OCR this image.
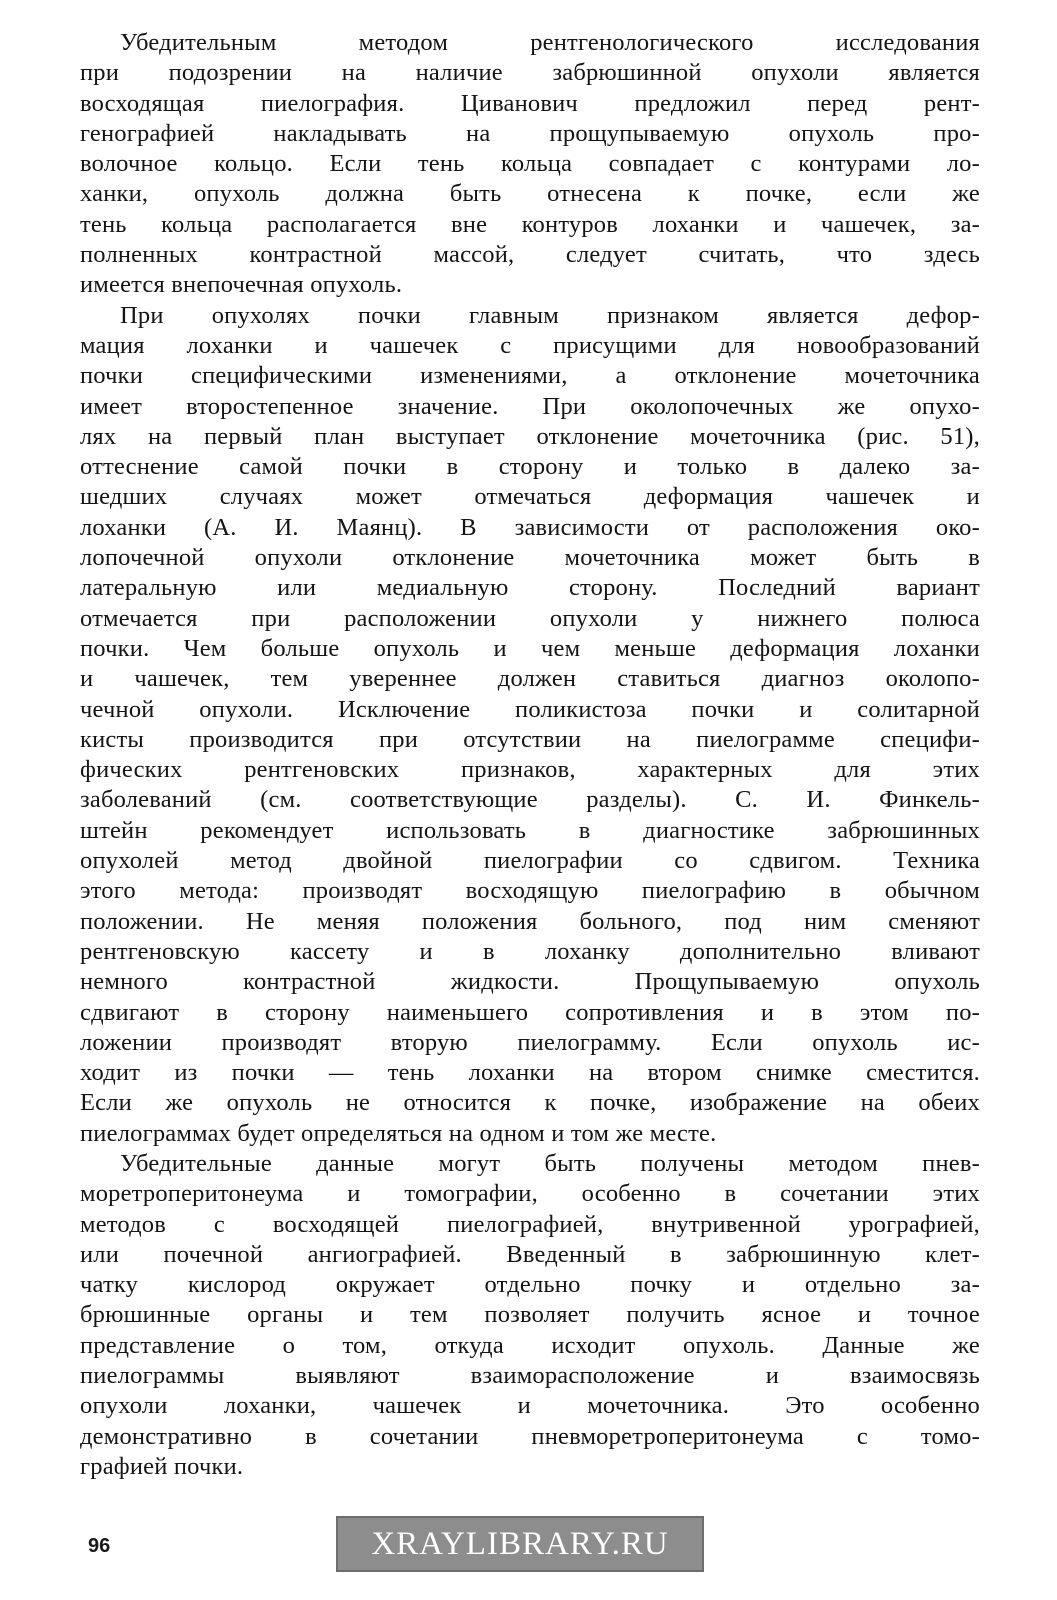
Убедительным методом рентгенологического исследования
при подозрении на наличие забрюшинной опухоли является
восходящая пиелография. Циванович предложил перед рент-
генографией накладывать на прощупываемую опухоль про-
волочное кольцо. Если тень кольца совпадает с контурами ло-
ханки, опухоль должна быть отнесена к почке, если же
тень кольца располагается вне контуров лоханки и чашечек, за-
полненных контрастной массой, следует считать, что здесь
имеется внепочечная опухоль.
При опухолях почки главным признаком является дефор-
мация лоханки и чашечек с присущими для новообразований
почки специфическими изменениями, а отклонение мочеточника
имеет второстепенное значение. При околопочечных же опухо-
лях на первый план выступает отклонение мочеточника (рис. 51),
оттеснение самой почки в сторону и только в далеко за-
шедших случаях может отмечаться деформация чашечек и
лоханки (А. И. Маянц). В зависимости от расположения око-
лопочечной опухоли отклонение мочеточника может быть в
латеральную или медиальную сторону. Последний вариант
отмечается при расположении опухоли у нижнего полюса
почки. Чем больше опухоль и чем меньше деформация лоханки
и чашечек, тем увереннее должен ставиться диагноз околопо-
чечной опухоли. Исключение поликистоза почки и солитарной
кисты производится при отсутствии на пиелограмме специфи-
фических рентгеновских признаков, характерных для этих
заболеваний (см. соответствующие разделы). С. И. Финкель-
штейн рекомендует использовать в диагностике забрюшинных
опухолей метод двойной пиелографии со сдвигом. Техника
этого метода: производят восходящую пиелографию в обычном
положении. Не меняя положения больного, под ним сменяют
рентгеновскую кассету и в лоханку дополнительно вливают
немного контрастной жидкости. Прощупываемую опухоль
сдвигают в сторону наименьшего сопротивления и в этом по-
ложении производят вторую пиелограмму. Если опухоль ис-
ходит из почки — тень лоханки на втором снимке сместится.
Если же опухоль не относится к почке, изображение на обеих
пиелограммах будет определяться на одном и том же месте.
Убедительные данные могут быть получены методом пнев-
моретроперитонеума и томографии, особенно в сочетании этих
методов с восходящей пиелографией, внутривенной урографией,
или почечной ангиографией. Введенный в забрюшинную клет-
чатку кислород окружает отдельно почку и отдельно за-
брюшинные органы и тем позволяет получить ясное и точное
представление о том, откуда исходит опухоль. Данные же
пиелограммы выявляют взаиморасположение и взаимосвязь
опухоли лоханки, чашечек и мочеточника. Это особенно
демонстративно в сочетании пневморетроперитонеума с томо-
графией почки.
96	XRAYLIBRARY.RU
